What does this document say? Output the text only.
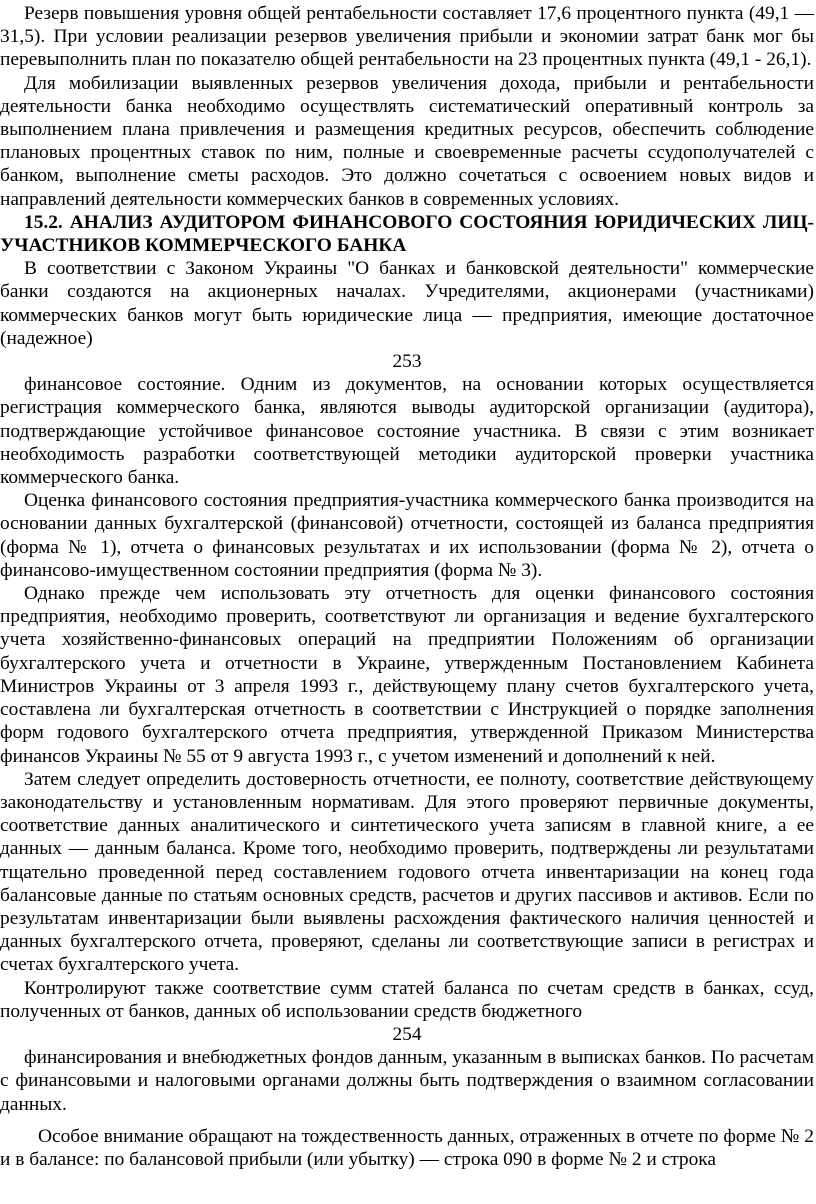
Резерв повышения уровня общей рентабельности составляет 17,6 процентного пункта (49,1 — 31,5). При условии реализации резервов увеличения прибыли и экономии затрат банк мог бы перевыполнить план по показателю общей рентабельности на 23 процентных пункта (49,1 - 26,1).

Для мобилизации выявленных резервов увеличения дохода, прибыли и рентабельности деятельности банка необходимо осуществлять систематический оперативный контроль за выполнением плана привлечения и размещения кредитных ресурсов, обеспечить соблюдение плановых процентных ставок по ним, полные и своевременные расчеты ссудополучателей с банком, выполнение сметы расходов. Это должно сочетаться с освоением новых видов и направлений деятельности коммерческих банков в современных условиях.

15.2. АНАЛИЗ АУДИТОРОМ ФИНАНСОВОГО СОСТОЯНИЯ ЮРИДИЧЕСКИХ ЛИЦ-УЧАСТНИКОВ КОММЕРЧЕСКОГО БАНКА

В соответствии с Законом Украины "О банках и банковской деятельности" коммерческие банки создаются на акционерных началах. Учредителями, акционерами (участниками) коммерческих банков могут быть юридические лица — предприятия, имеющие достаточное (надежное)

253

финансовое состояние. Одним из документов, на основании которых осуществляется регистрация коммерческого банка, являются выводы аудиторской организации (аудитора), подтверждающие устойчивое финансовое состояние участника. В связи с этим возникает необходимость разработки соответствующей методики аудиторской проверки участника коммерческого банка.

Оценка финансового состояния предприятия-участника коммерческого банка производится на основании данных бухгалтерской (финансовой) отчетности, состоящей из баланса предприятия (форма № 1), отчета о финансовых результатах и их использовании (форма № 2), отчета о финансово-имущественном состоянии предприятия (форма № 3).

Однако прежде чем использовать эту отчетность для оценки финансового состояния предприятия, необходимо проверить, соответствуют ли организация и ведение бухгалтерского учета хозяйственно-финансовых операций на предприятии Положениям об организации бухгалтерского учета и отчетности в Украине, утвержденным Постановлением Кабинета Министров Украины от 3 апреля 1993 г., действующему плану счетов бухгалтерского учета, составлена ли бухгалтерская отчетность в соответствии с Инструкцией о порядке заполнения форм годового бухгалтерского отчета предприятия, утвержденной Приказом Министерства финансов Украины № 55 от 9 августа 1993 г., с учетом изменений и дополнений к ней.

Затем следует определить достоверность отчетности, ее полноту, соответствие действующему законодательству и установленным нормативам. Для этого проверяют первичные документы, соответствие данных аналитического и синтетического учета записям в главной книге, а ее данных — данным баланса. Кроме того, необходимо проверить, подтверждены ли результатами тщательно проведенной перед составлением годового отчета инвентаризации на конец года балансовые данные по статьям основных средств, расчетов и других пассивов и активов. Если по результатам инвентаризации были выявлены расхождения фактического наличия ценностей и данных бухгалтерского отчета, проверяют, сделаны ли соответствующие записи в регистрах и счетах бухгалтерского учета.

Контролируют также соответствие сумм статей баланса по счетам средств в банках, ссуд, полученных от банков, данных об использовании средств бюджетного

254

финансирования и внебюджетных фондов данным, указанным в выписках банков. По расчетам с финансовыми и налоговыми органами должны быть подтверждения о взаимном согласовании данных.

Особое внимание обращают на тождественность данных, отраженных в отчете по форме № 2 и в балансе: по балансовой прибыли (или убытку) — строка 090 в форме № 2 и строка
